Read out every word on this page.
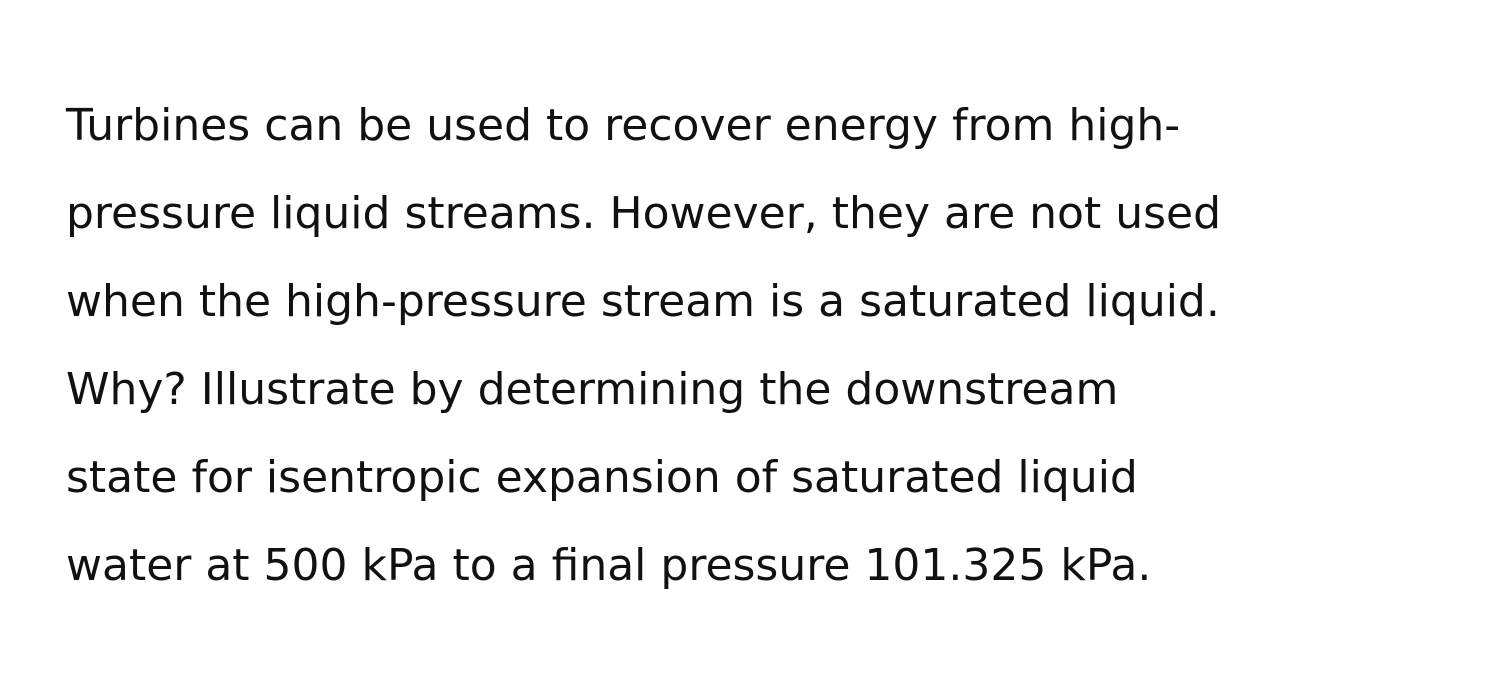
Turbines can be used to recover energy from high-
pressure liquid streams. However, they are not used
when the high-pressure stream is a saturated liquid.
Why? Illustrate by determining the downstream
state for isentropic expansion of saturated liquid
water at 500 kPa to a final pressure 101.325 kPa.
